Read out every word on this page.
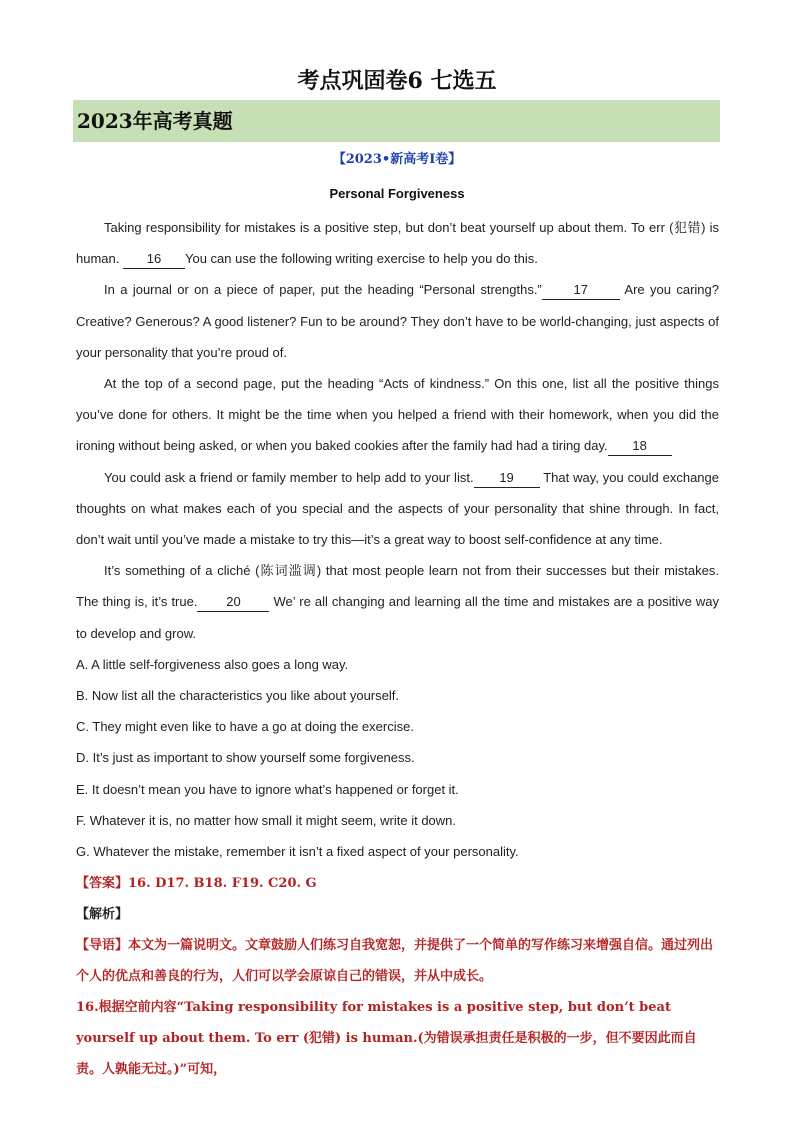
考点巩固卷6 七选五
2023年高考真题
【2023•新高考I卷】
Personal Forgiveness

Taking responsibility for mistakes is a positive step, but don’t beat yourself up about them. To err (犯错) is human. 16 You can use the following writing exercise to help you do this.

In a journal or on a piece of paper, put the heading “Personal strengths.” 17 Are you caring? Creative? Generous? A good listener? Fun to be around? They don’t have to be world-changing, just aspects of your personality that you’re proud of.

At the top of a second page, put the heading “Acts of kindness.” On this one, list all the positive things you’ve done for others. It might be the time when you helped a friend with their homework, when you did the ironing without being asked, or when you baked cookies after the family had had a tiring day. 18

You could ask a friend or family member to help add to your list. 19 That way, you could exchange thoughts on what makes each of you special and the aspects of your personality that shine through. In fact, don’t wait until you’ve made a mistake to try this—it’s a great way to boost self-confidence at any time.

It’s something of a cliché (陈词滥调) that most people learn not from their successes but their mistakes. The thing is, it’s true. 20 We’ re all changing and learning all the time and mistakes are a positive way to develop and grow.

A. A little self-forgiveness also goes a long way.

B. Now list all the characteristics you like about yourself.

C. They might even like to have a go at doing the exercise.

D. It’s just as important to show yourself some forgiveness.

E. It doesn’t mean you have to ignore what’s happened or forget it.

F. Whatever it is, no matter how small it might seem, write it down.

G. Whatever the mistake, remember it isn’t a fixed aspect of your personality.

【答案】16. D17. B18. F19. C20. G

【解析】

【导语】本文为一篇说明文。文章鼓励人们练习自我宽恕，并提供了一个简单的写作练习来增强自信。通过列出个人的优点和善良的行为，人们可以学会原谅自己的错误，并从中成长。

16.根据空前内容“Taking responsibility for mistakes is a positive step, but don’t beat yourself up about them. To err (犯错) is human.(为错误承担责任是积极的一步，但不要因此而自责。人孰能无过。)”可知，
